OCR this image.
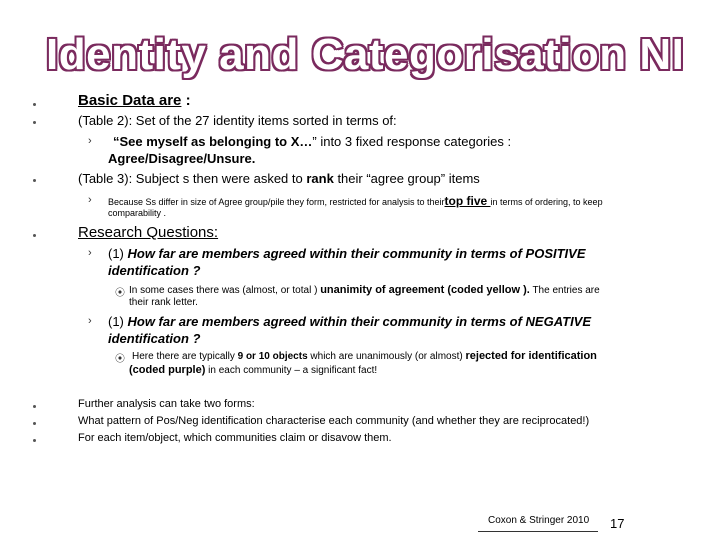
Identity and Categorisation NI
Basic Data are :
(Table 2): Set of the 27 identity items sorted in terms of:
› “See myself as belonging to X…” into 3 fixed response categories :
Agree/Disagree/Unsure.
(Table 3): Subject s then were asked to rank their “agree group” items
› Because Ss differ in size of Agree group/pile they form, restricted for analysis to theirtop five in terms of ordering, to keep
comparability .
Research Questions:
› (1) How far are members agreed within their community in terms of POSITIVE
identification ?
⦿ In some cases there was (almost, or total ) unanimity of agreement (coded yellow ). The entries are
their rank letter.
› (1) How far are members agreed within their community in terms of NEGATIVE
identification ?
⦿ Here there are typically 9 or 10 objects which are unanimously (or almost) rejected for identification
(coded purple) in each community – a significant fact!
Further analysis can take two forms:
What pattern of Pos/Neg identification characterise each community (and whether they are reciprocated!)
For each item/object, which communities claim or disavow them.
Coxon & Stringer 2010 17
